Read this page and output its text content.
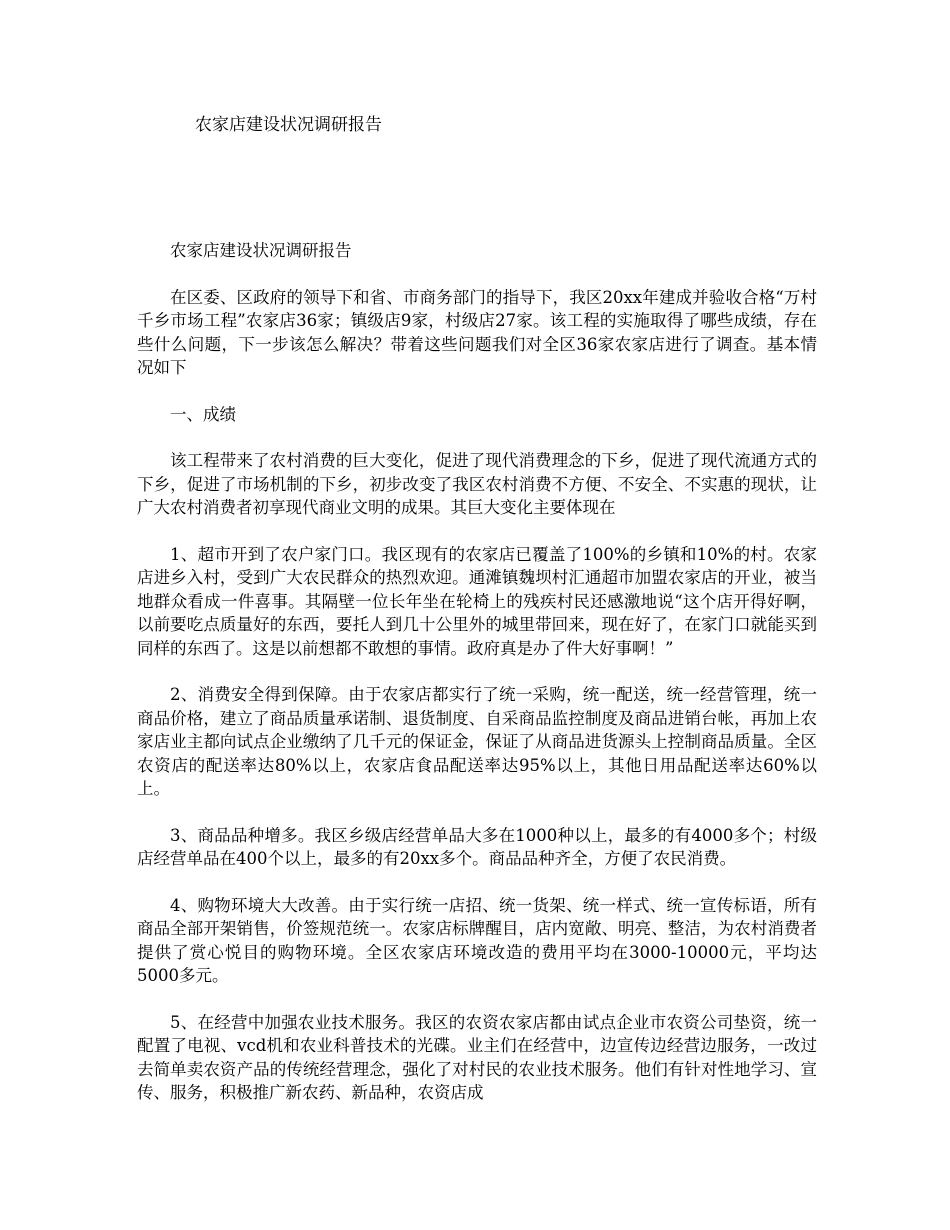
农家店建设状况调研报告

农家店建设状况调研报告

在区委、区政府的领导下和省、市商务部门的指导下，我区20xx年建成并验收合格“万村千乡市场工程”农家店36家；镇级店9家，村级店27家。该工程的实施取得了哪些成绩，存在些什么问题，下一步该怎么解决？带着这些问题我们对全区36家农家店进行了调查。基本情况如下

一、成绩

该工程带来了农村消费的巨大变化，促进了现代消费理念的下乡，促进了现代流通方式的下乡，促进了市场机制的下乡，初步改变了我区农村消费不方便、不安全、不实惠的现状，让广大农村消费者初享现代商业文明的成果。其巨大变化主要体现在

1、超市开到了农户家门口。我区现有的农家店已覆盖了100%的乡镇和10%的村。农家店进乡入村，受到广大农民群众的热烈欢迎。通滩镇魏坝村汇通超市加盟农家店的开业，被当地群众看成一件喜事。其隔壁一位长年坐在轮椅上的残疾村民还感激地说“这个店开得好啊，以前要吃点质量好的东西，要托人到几十公里外的城里带回来，现在好了，在家门口就能买到同样的东西了。这是以前想都不敢想的事情。政府真是办了件大好事啊！”

2、消费安全得到保障。由于农家店都实行了统一采购，统一配送，统一经营管理，统一商品价格，建立了商品质量承诺制、退货制度、自采商品监控制度及商品进销台帐，再加上农家店业主都向试点企业缴纳了几千元的保证金，保证了从商品进货源头上控制商品质量。全区农资店的配送率达80%以上，农家店食品配送率达95%以上，其他日用品配送率达60%以上。

3、商品品种增多。我区乡级店经营单品大多在1000种以上，最多的有4000多个；村级店经营单品在400个以上，最多的有20xx多个。商品品种齐全，方便了农民消费。

4、购物环境大大改善。由于实行统一店招、统一货架、统一样式、统一宣传标语，所有商品全部开架销售，价签规范统一。农家店标牌醒目，店内宽敞、明亮、整洁，为农村消费者提供了赏心悦目的购物环境。全区农家店环境改造的费用平均在3000-10000元，平均达5000多元。

5、在经营中加强农业技术服务。我区的农资农家店都由试点企业市农资公司垫资，统一配置了电视、vcd机和农业科普技术的光碟。业主们在经营中，边宣传边经营边服务，一改过去简单卖农资产品的传统经营理念，强化了对村民的农业技术服务。他们有针对性地学习、宣传、服务，积极推广新农药、新品种，农资店成
